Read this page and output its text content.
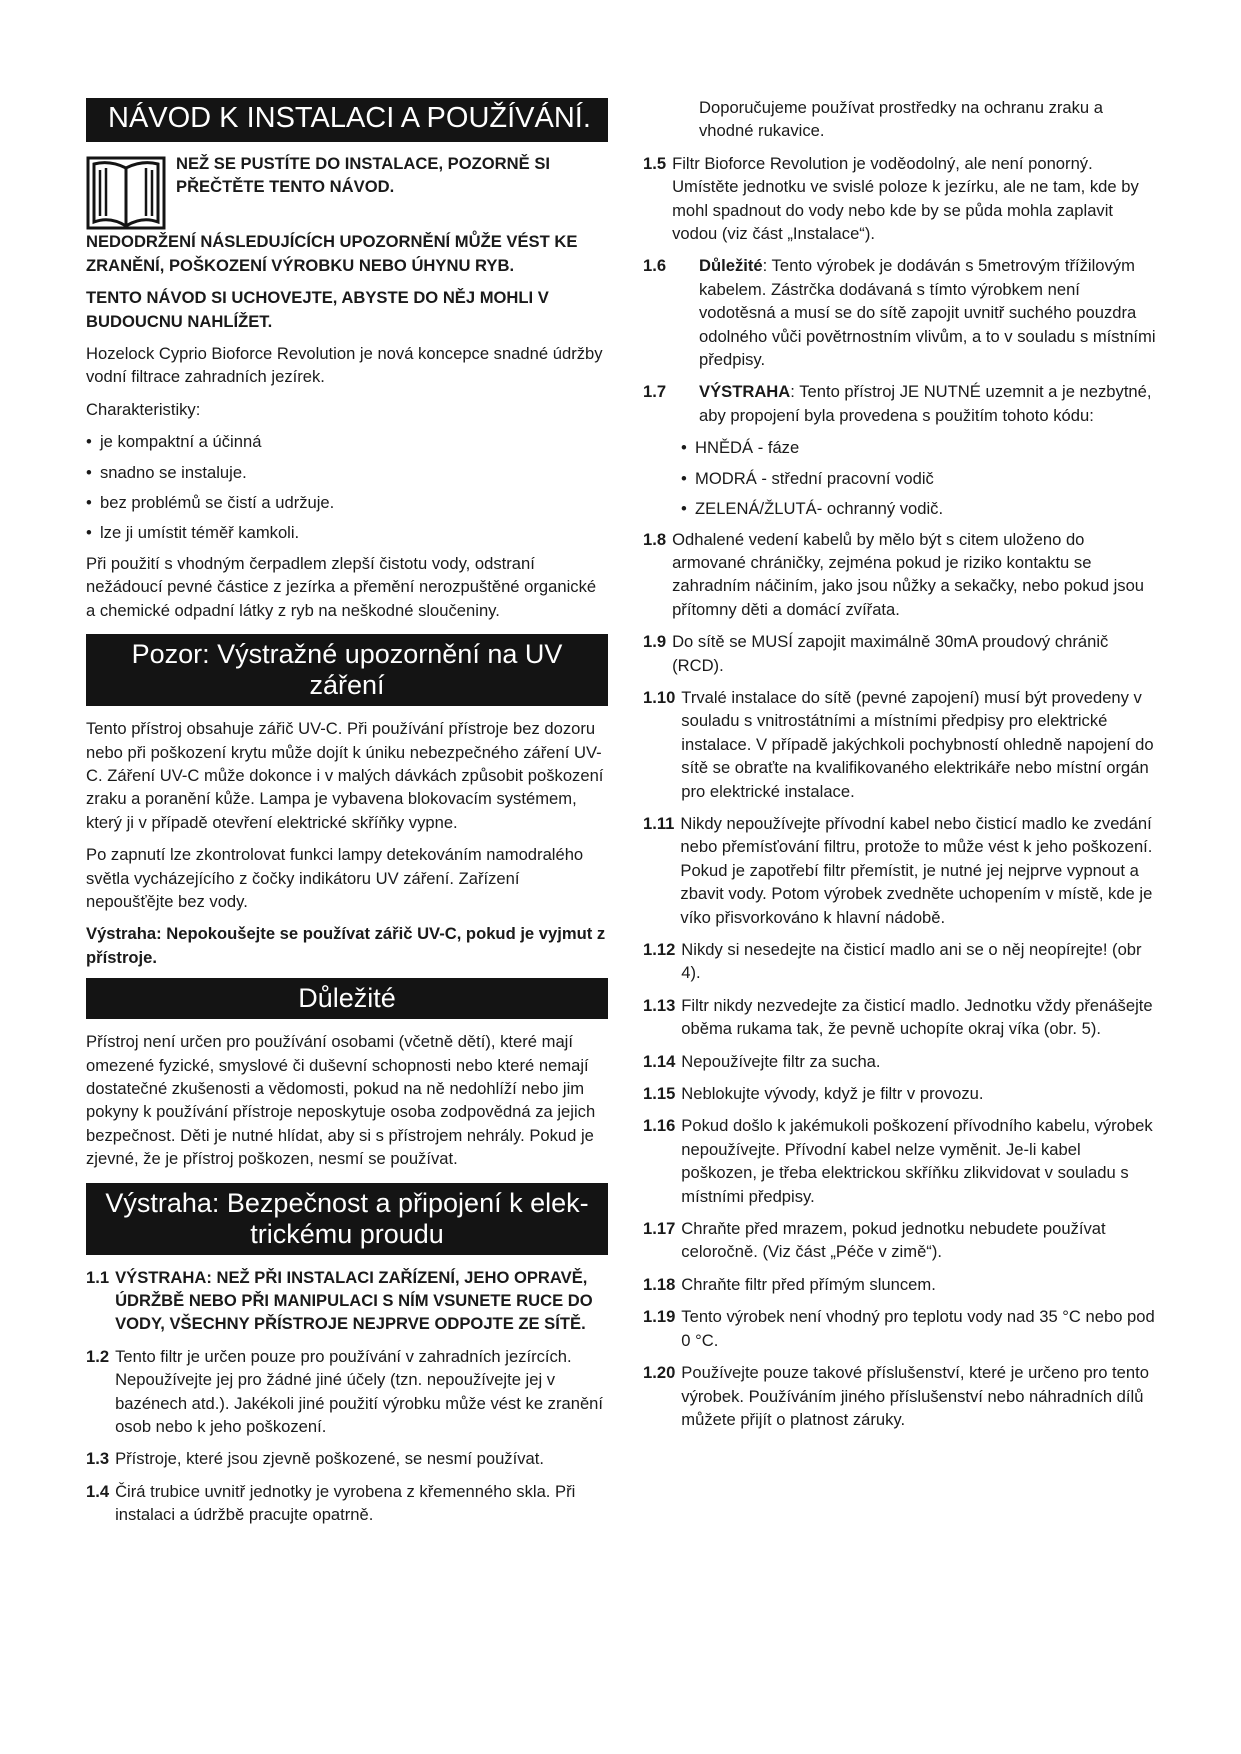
NÁVOD K INSTALACI A POUŽÍVÁNÍ.

NEŽ SE PUSTÍTE DO INSTALACE, POZORNĚ SI PŘEČTĚTE TENTO NÁVOD.

NEDODRŽENÍ NÁSLEDUJÍCÍCH UPOZORNĚNÍ MŮŽE VÉST KE ZRANĚNÍ, POŠKOZENÍ VÝROBKU NEBO ÚHYNU RYB.

TENTO NÁVOD SI UCHOVEJTE, ABYSTE DO NĚJ MOHLI V BUDOUCNU NAHLÍŽET.

Hozelock Cyprio Bioforce Revolution je nová koncepce snadné údržby vodní filtrace zahradních jezírek.

Charakteristiky:

• je kompaktní a účinná
• snadno se instaluje.
• bez problémů se čistí a udržuje.
• lze ji umístit téměř kamkoli.

Při použití s vhodným čerpadlem zlepší čistotu vody, odstraní nežádoucí pevné částice z jezírka a přemění nerozpuštěné organické a chemické odpadní látky z ryb na neškodné sloučeniny.

Pozor: Výstražné upozornění na UV záření

Tento přístroj obsahuje zářič UV-C. Při používání přístroje bez dozoru nebo při poškození krytu může dojít k úniku nebezpečného záření UV-C. Záření UV-C může dokonce i v malých dávkách způsobit poškození zraku a poranění kůže. Lampa je vybavena blokovacím systémem, který ji v případě otevření elektrické skříňky vypne.

Po zapnutí lze zkontrolovat funkci lampy detekováním namodralého světla vycházejícího z čočky indikátoru UV záření. Zařízení nepoušťějte bez vody.

Výstraha: Nepokoušejte se používat zářič UV-C, pokud je vyjmut z přístroje.

Důležité

Přístroj není určen pro používání osobami (včetně dětí), které mají omezené fyzické, smyslové či duševní schopnosti nebo které nemají dostatečné zkušenosti a vědomosti, pokud na ně nedohlíží nebo jim pokyny k používání přístroje neposkytuje osoba zodpovědná za jejich bezpečnost. Děti je nutné hlídat, aby si s přístrojem nehrály. Pokud je zjevné, že je přístroj poškozen, nesmí se používat.

Výstraha: Bezpečnost a připojení k elek-
trickému proudu
1.1 VÝSTRAHA: NEŽ PŘI INSTALACI ZAŘÍZENÍ, JEHO OPRAVĚ, ÚDRŽBĚ NEBO PŘI MANIPULACI S NÍM VSUNETE RUCE DO VODY, VŠECHNY PŘÍSTROJE NEJPRVE ODPOJTE ZE SÍTĚ.
1.2 Tento filtr je určen pouze pro používání v zahradních jezírcích. Nepoužívejte jej pro žádné jiné účely (tzn. nepoužívejte jej v bazénech atd.). Jakékoli jiné použití výrobku může vést ke zranění osob nebo k jeho poškození.
1.3 Přístroje, které jsou zjevně poškozené, se nesmí používat.
1.4 Čirá trubice uvnitř jednotky je vyrobena z křemenného skla. Při instalaci a údržbě pracujte opatrně.

Doporučujeme používat prostředky na ochranu zraku a vhodné rukavice.

1.5 Filtr Bioforce Revolution je voděodolný, ale není ponorný. Umístěte jednotku ve svislé poloze k jezírku, ale ne tam, kde by mohl spadnout do vody nebo kde by se půda mohla zaplavit vodou (viz část „Instalace“).
1.6	Důležité: Tento výrobek je dodáván s 5metrovým třížilovým kabelem. Zástrčka dodávaná s tímto výrobkem není vodotěsná a musí se do sítě zapojit uvnitř suchého pouzdra odolného vůči povětrnostním vlivům, a to v souladu s místními předpisy.
1.7	VÝSTRAHA: Tento přístroj JE NUTNÉ uzemnit a je nezbytné, aby propojení byla provedena s použitím tohoto kódu:
• HNĚDÁ - fáze
• MODRÁ - střední pracovní vodič
• ZELENÁ/ŽLUTÁ- ochranný vodič.
1.8 Odhalené vedení kabelů by mělo být s citem uloženo do armované chráničky, zejména pokud je riziko kontaktu se zahradním náčiním, jako jsou nůžky a sekačky, nebo pokud jsou přítomny děti a domácí zvířata.
1.9 Do sítě se MUSÍ zapojit maximálně 30mA proudový chránič (RCD).
1.10 Trvalé instalace do sítě (pevné zapojení) musí být provedeny v souladu s vnitrostátními a místními předpisy pro elektrické instalace. V případě jakýchkoli pochybností ohledně napojení do sítě se obraťte na kvalifikovaného elektrikáře nebo místní orgán pro elektrické instalace.
1.11 Nikdy nepoužívejte přívodní kabel nebo čisticí madlo ke zvedání nebo přemísťování filtru, protože to může vést k jeho poškození. Pokud je zapotřebí filtr přemístit, je nutné jej nejprve vypnout a zbavit vody. Potom výrobek zvedněte uchopením v místě, kde je víko přisvorkováno k hlavní nádobě.
1.12 Nikdy si nesedejte na čisticí madlo ani se o něj neopírejte! (obr 4).
1.13 Filtr nikdy nezvedejte za čisticí madlo. Jednotku vždy přenášejte oběma rukama tak, že pevně uchopíte okraj víka (obr. 5).
1.14 Nepoužívejte filtr za sucha.
1.15 Neblokujte vývody, když je filtr v provozu.
1.16 Pokud došlo k jakémukoli poškození přívodního kabelu, výrobek nepoužívejte. Přívodní kabel nelze vyměnit. Je-li kabel poškozen, je třeba elektrickou skříňku zlikvidovat v souladu s místními předpisy.
1.17 Chraňte před mrazem, pokud jednotku nebudete používat celoročně. (Viz část „Péče v zimě“).
1.18 Chraňte filtr před přímým sluncem.
1.19 Tento výrobek není vhodný pro teplotu vody nad 35 °C nebo pod 0 °C.
1.20 Používejte pouze takové příslušenství, které je určeno pro tento výrobek. Používáním jiného příslušenství nebo náhradních dílů můžete přijít o platnost záruky.
